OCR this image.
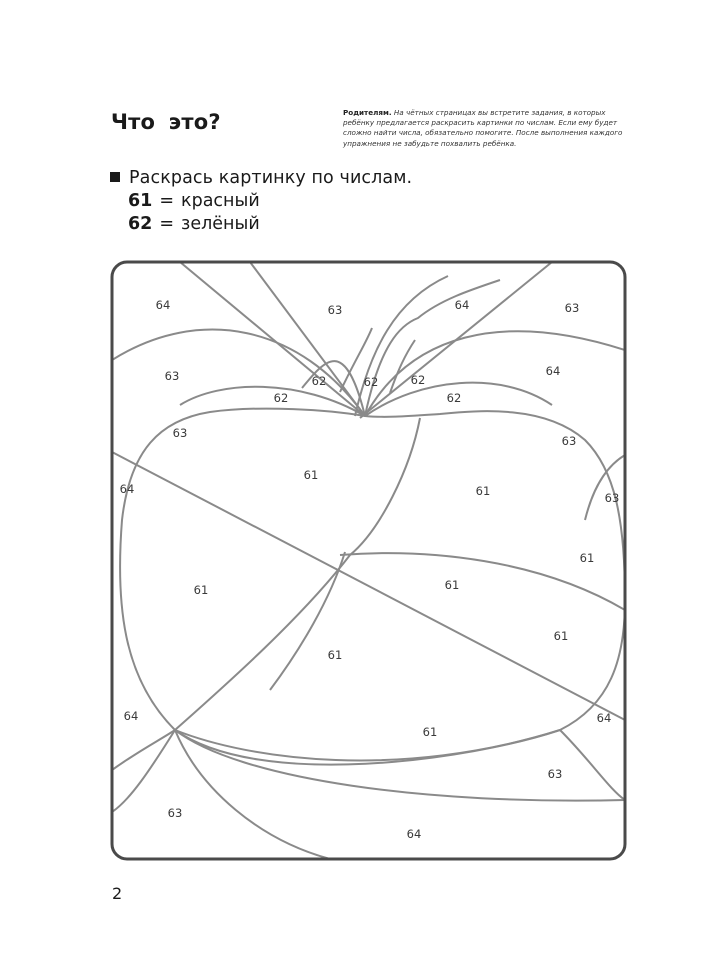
Что это?	Родителям. На чётных страницах вы встретите задания, в которых ребёнку предлагается раскрасить картинки по числам. Если ему будет сложно найти числа, обязательно помогите. После выполнения каждого упражнения не забудьте похвалить ребёнка.
Раскрась картинку по числам.
61 = красный
62 = зелёный
64	63	64	63
63	62	62	62
64
62	62
63
63
61
61
64
63
61	61
61
61
61
64
61
64
63
63
64
2
